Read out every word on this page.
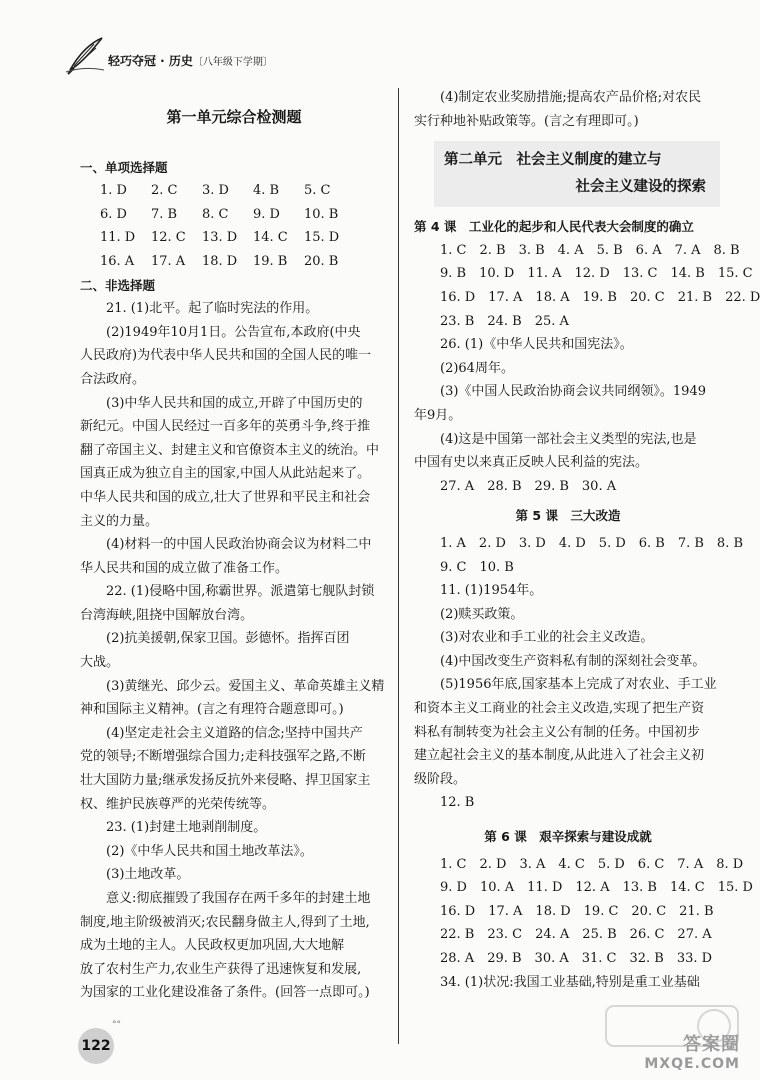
轻巧夺冠 · 历史〔八年级下学期〕
第一单元综合检测题
一、单项选择题
1. D	2. C	3. D	4. B	5. C
6. D	7. B	8. C	9. D	10. B
11. D	12. C	13. D	14. C	15. D
16. A	17. A	18. D	19. B	20. B
二、非选择题
21. (1)北平。起了临时宪法的作用。
(2)1949年10月1日。公告宣布,本政府(中央
人民政府)为代表中华人民共和国的全国人民的唯一
合法政府。
(3)中华人民共和国的成立,开辟了中国历史的
新纪元。中国人民经过一百多年的英勇斗争,终于推
翻了帝国主义、封建主义和官僚资本主义的统治。中
国真正成为独立自主的国家,中国人从此站起来了。
中华人民共和国的成立,壮大了世界和平民主和社会
主义的力量。
(4)材料一的中国人民政治协商会议为材料二中
华人民共和国的成立做了准备工作。
22. (1)侵略中国,称霸世界。派遣第七舰队封锁
台湾海峡,阻挠中国解放台湾。
(2)抗美援朝,保家卫国。彭德怀。指挥百团
大战。
(3)黄继光、邱少云。爱国主义、革命英雄主义精
神和国际主义精神。(言之有理符合题意即可。)
(4)坚定走社会主义道路的信念;坚持中国共产
党的领导;不断增强综合国力;走科技强军之路,不断
壮大国防力量;继承发扬反抗外来侵略、捍卫国家主
权、维护民族尊严的光荣传统等。
23. (1)封建土地剥削制度。
(2)《中华人民共和国土地改革法》。
(3)土地改革。
意义:彻底摧毁了我国存在两千多年的封建土地
制度,地主阶级被消灭;农民翻身做主人,得到了土地,
成为土地的主人。人民政权更加巩固,大大地解
放了农村生产力,农业生产获得了迅速恢复和发展,
为国家的工业化建设准备了条件。(回答一点即可。)
(4)制定农业奖励措施;提高农产品价格;对农民
实行种地补贴政策等。(言之有理即可。)
第二单元　社会主义制度的建立与
社会主义建设的探索
第 4 课　工业化的起步和人民代表大会制度的确立
1. C　2. B　3. B　4. A　5. B　6. A　7. A　8. B
9. B　10. D　11. A　12. D　13. C　14. B　15. C
16. D　17. A　18. A　19. B　20. C　21. B　22. D
23. B　24. B　25. A
26. (1)《中华人民共和国宪法》。
(2)64周年。
(3)《中国人民政治协商会议共同纲领》。1949
年9月。
(4)这是中国第一部社会主义类型的宪法,也是
中国有史以来真正反映人民利益的宪法。
27. A　28. B　29. B　30. A
第 5 课　三大改造
1. A　2. D　3. D　4. D　5. D　6. B　7. B　8. B
9. C　10. B
11. (1)1954年。
(2)赎买政策。
(3)对农业和手工业的社会主义改造。
(4)中国改变生产资料私有制的深刻社会变革。
(5)1956年底,国家基本上完成了对农业、手工业
和资本主义工商业的社会主义改造,实现了把生产资
料私有制转变为社会主义公有制的任务。中国初步
建立起社会主义的基本制度,从此进入了社会主义初
级阶段。
12. B
第 6 课　艰辛探索与建设成就
1. C　2. D　3. A　4. C　5. D　6. C　7. A　8. D
9. D　10. A　11. D　12. A　13. B　14. C　15. D
16. D　17. A　18. D　19. C　20. C　21. B
22. B　23. C　24. A　25. B　26. C　27. A
28. A　29. B　30. A　31. C　32. B　33. D
34. (1)状况:我国工业基础,特别是重工业基础
122
°°
答案圈
MXQE.COM
